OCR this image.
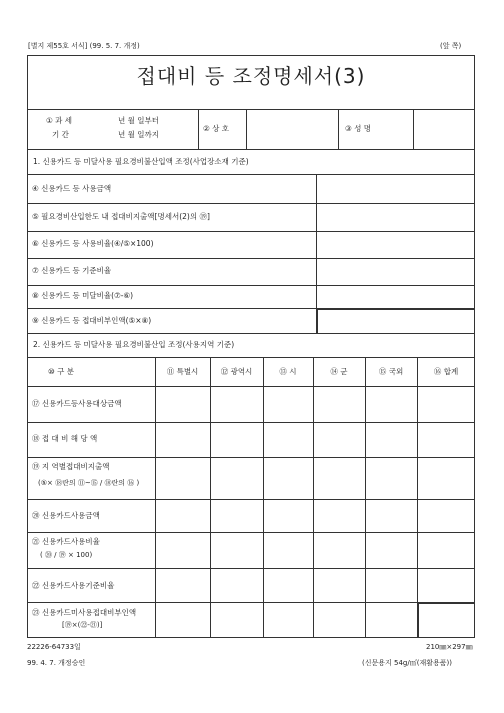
[별지 제55호 서식] (99. 5. 7. 개정)	(앞 쪽)
접대비 등 조정명세서(3)
① 과 세
기 간
년 월 일부터
년 월 일까지
② 상 호	③ 성 명
1. 신용카드 등 미달사용 필요경비불산입액 조정(사업장소재 기준)
④ 신용카드 등 사용금액
⑤ 필요경비산입한도 내 접대비지출액[명세서(2)의 ⑲]
⑥ 신용카드 등 사용비율(④/⑤×100)
⑦ 신용카드 등 기준비율
⑧ 신용카드 등 미달비율(⑦-⑥)
⑨ 신용카드 등 접대비부인액(⑤×⑧)
2. 신용카드 등 미달사용 필요경비불산입 조정(사용지역 기준)
⑩ 구 분	⑪ 특별시	⑫ 광역시	⑬ 시	⑭ 군	⑮ 국외	⑯ 합계
⑰ 신용카드등사용대상금액
⑱ 접 대 비 해 당 액
⑲ 지 역별접대비지출액
(⑤× ⑱란의 ⑪~⑮ / ⑱란의 ⑯ )
⑳ 신용카드사용금액
㉑ 신용카드사용비율
( ⑳ / ⑲ × 100)
㉒ 신용카드사용기준비율
㉓ 신용카드미사용접대비부인액
[⑲×(㉒-㉑)]
22226-64733일
99. 4. 7. 개정승인
210㎜×297㎜
(신문용지 54g/㎡(재활용품))
